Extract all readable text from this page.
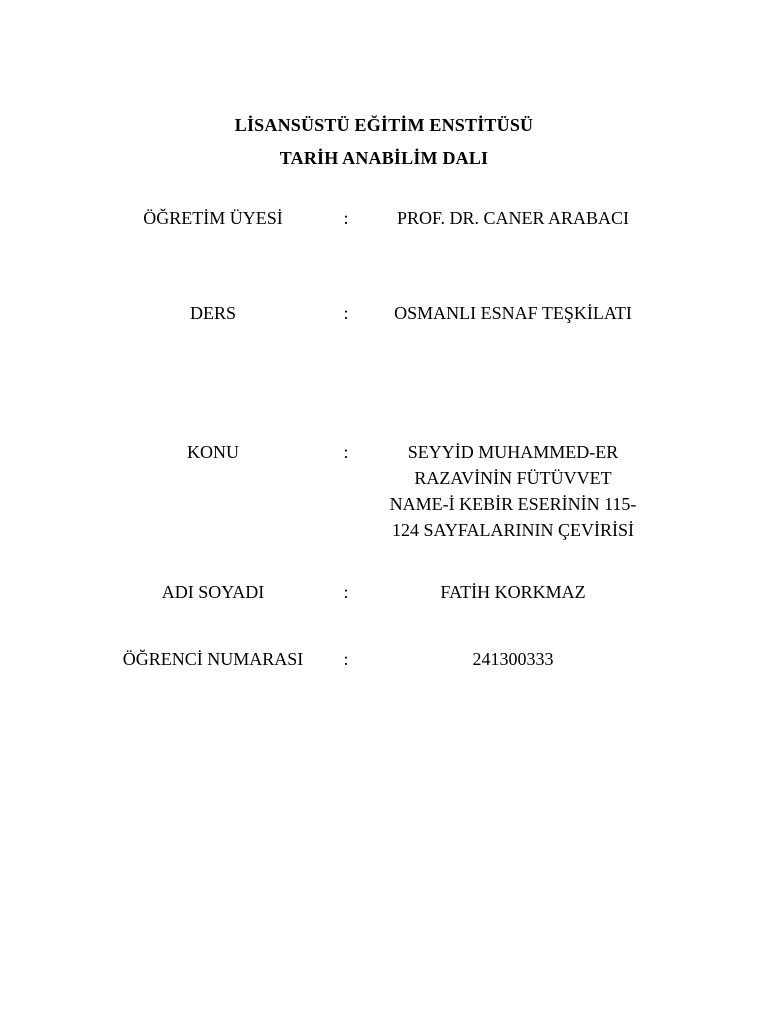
LİSANSÜSTÜ EĞİTİM ENSTİTÜSÜ
TARİH ANABİLİM DALI
ÖĞRETİM ÜYESİ	:	PROF. DR. CANER ARABACI
DERS	:	OSMANLI ESNAF TEŞKİLATI
KONU	:	SEYYİD MUHAMMED-ER
RAZAVİNİN FÜTÜVVET
NAME-İ KEBİR ESERİNİN 115-
124 SAYFALARININ ÇEVİRİSİ
ADI SOYADI	:	FATİH KORKMAZ
ÖĞRENCİ NUMARASI	:	241300333
